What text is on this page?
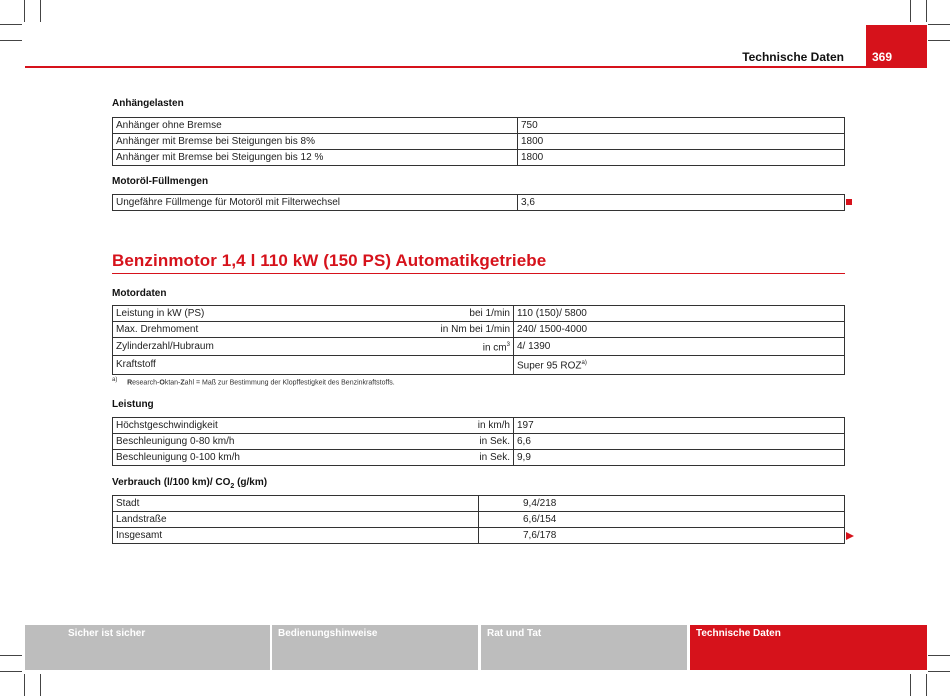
Technische Daten 369
Anhängelasten
Anhänger ohne Bremse	750
Anhänger mit Bremse bei Steigungen bis 8%	1800
Anhänger mit Bremse bei Steigungen bis 12 %	1800
Motoröl-Füllmengen
Ungefähre Füllmenge für Motoröl mit Filterwechsel	3,6
Benzinmotor 1,4 l 110 kW (150 PS) Automatikgetriebe
Motordaten
Leistung in kW (PS)	bei 1/min	110 (150)/ 5800
Max. Drehmoment	in Nm bei 1/min	240/ 1500-4000
Zylinderzahl/Hubraum	in $cm^3$	4/ 1390
Kraftstoff		Super 95 ROZ$^{a)}$
$^{a)}$ Research-Oktan-Zahl = Maß zur Bestimmung der Klopffestigkeit des Benzinkraftstoffs.
Leistung
Höchstgeschwindigkeit	in km/h	197
Beschleunigung 0-80 km/h	in Sek.	6,6
Beschleunigung 0-100 km/h	in Sek.	9,9
Verbrauch (l/100 km)/ $CO_2$ (g/km)
Stadt	9,4/218
Landstraße	6,6/154
Insgesamt	7,6/178
Sicher ist sicher	Bedienungshinweise	Rat und Tat	Technische Daten
